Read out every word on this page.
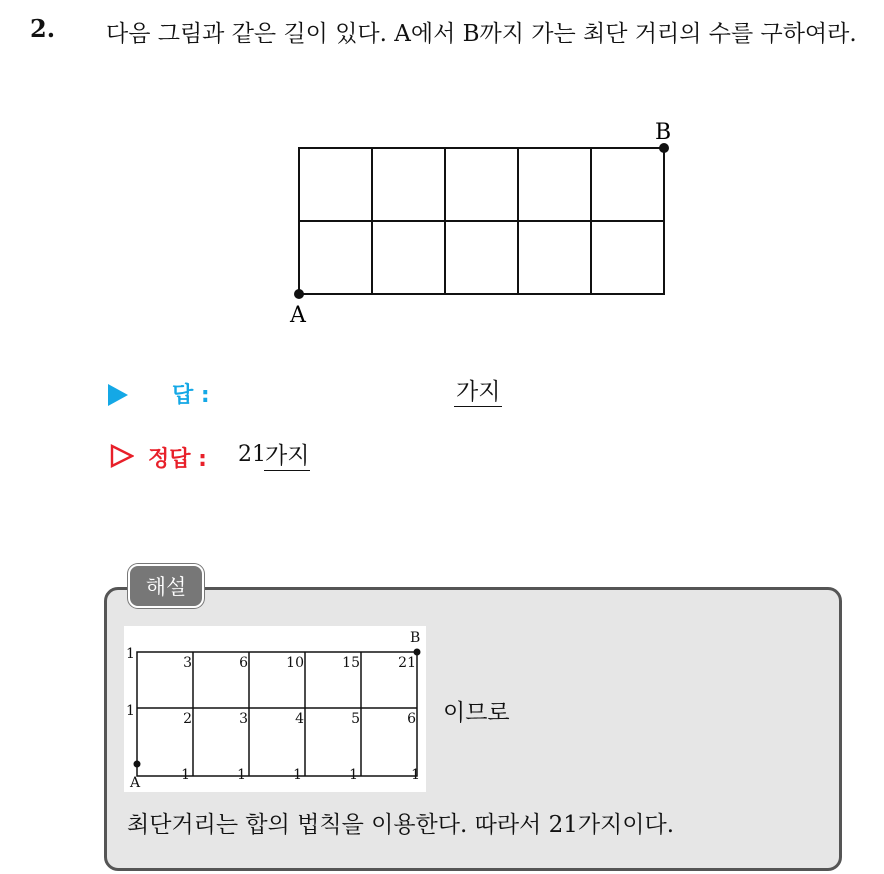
2. 다음 그림과 같은 길이 있다. A에서 B까지 가는 최단 거리의 수를 구하여라.
A
B
답 :	가지
정답 : 21 가지
해설
B
A
1
1
3	6	10	15	21
2	3	4	5	6
1	1	1	1	1
이므로
최단거리는 합의 법칙을 이용한다. 따라서 21가지이다.
